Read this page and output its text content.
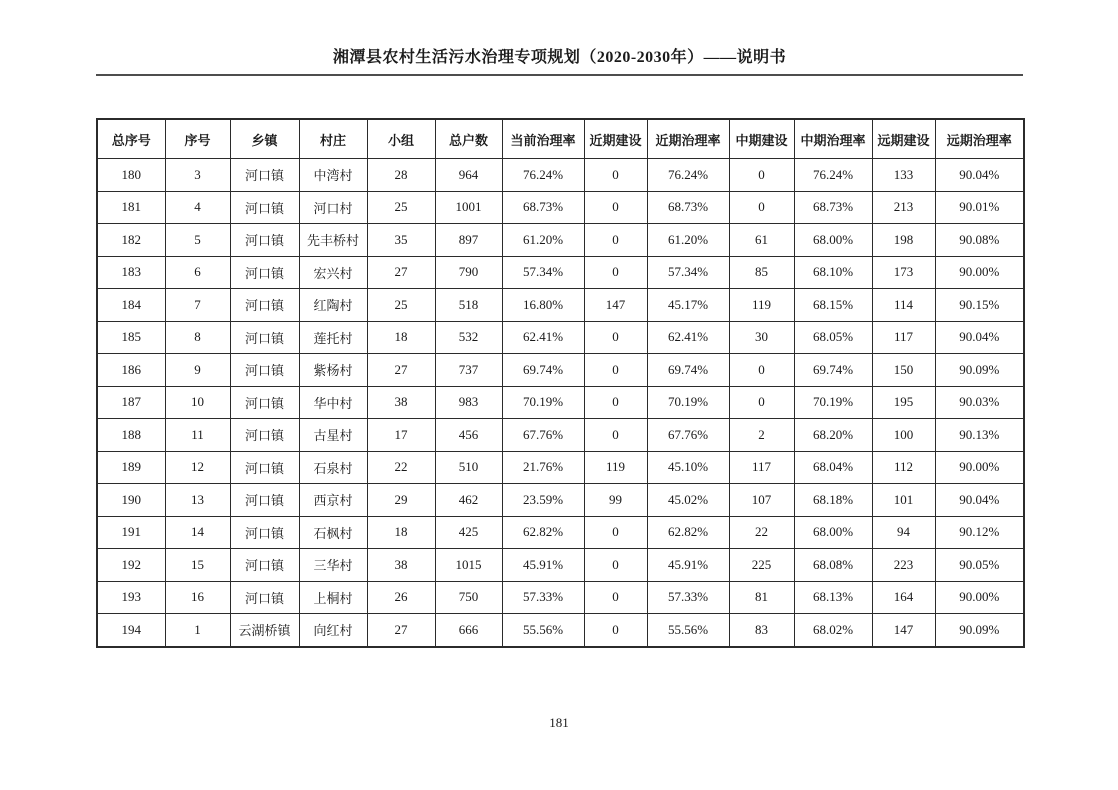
湘潭县农村生活污水治理专项规划（2020-2030年）——说明书
总序号	序号	乡镇	村庄	小组	总户数	当前治理率	近期建设	近期治理率	中期建设	中期治理率	远期建设	远期治理率
180	3	河口镇	中湾村	28	964	76.24%	0	76.24%	0	76.24%	133	90.04%
181	4	河口镇	河口村	25	1001	68.73%	0	68.73%	0	68.73%	213	90.01%
182	5	河口镇	先丰桥村	35	897	61.20%	0	61.20%	61	68.00%	198	90.08%
183	6	河口镇	宏兴村	27	790	57.34%	0	57.34%	85	68.10%	173	90.00%
184	7	河口镇	红陶村	25	518	16.80%	147	45.17%	119	68.15%	114	90.15%
185	8	河口镇	莲托村	18	532	62.41%	0	62.41%	30	68.05%	117	90.04%
186	9	河口镇	紫杨村	27	737	69.74%	0	69.74%	0	69.74%	150	90.09%
187	10	河口镇	华中村	38	983	70.19%	0	70.19%	0	70.19%	195	90.03%
188	11	河口镇	古星村	17	456	67.76%	0	67.76%	2	68.20%	100	90.13%
189	12	河口镇	石泉村	22	510	21.76%	119	45.10%	117	68.04%	112	90.00%
190	13	河口镇	西京村	29	462	23.59%	99	45.02%	107	68.18%	101	90.04%
191	14	河口镇	石枫村	18	425	62.82%	0	62.82%	22	68.00%	94	90.12%
192	15	河口镇	三华村	38	1015	45.91%	0	45.91%	225	68.08%	223	90.05%
193	16	河口镇	上桐村	26	750	57.33%	0	57.33%	81	68.13%	164	90.00%
194	1	云湖桥镇	向红村	27	666	55.56%	0	55.56%	83	68.02%	147	90.09%
181
